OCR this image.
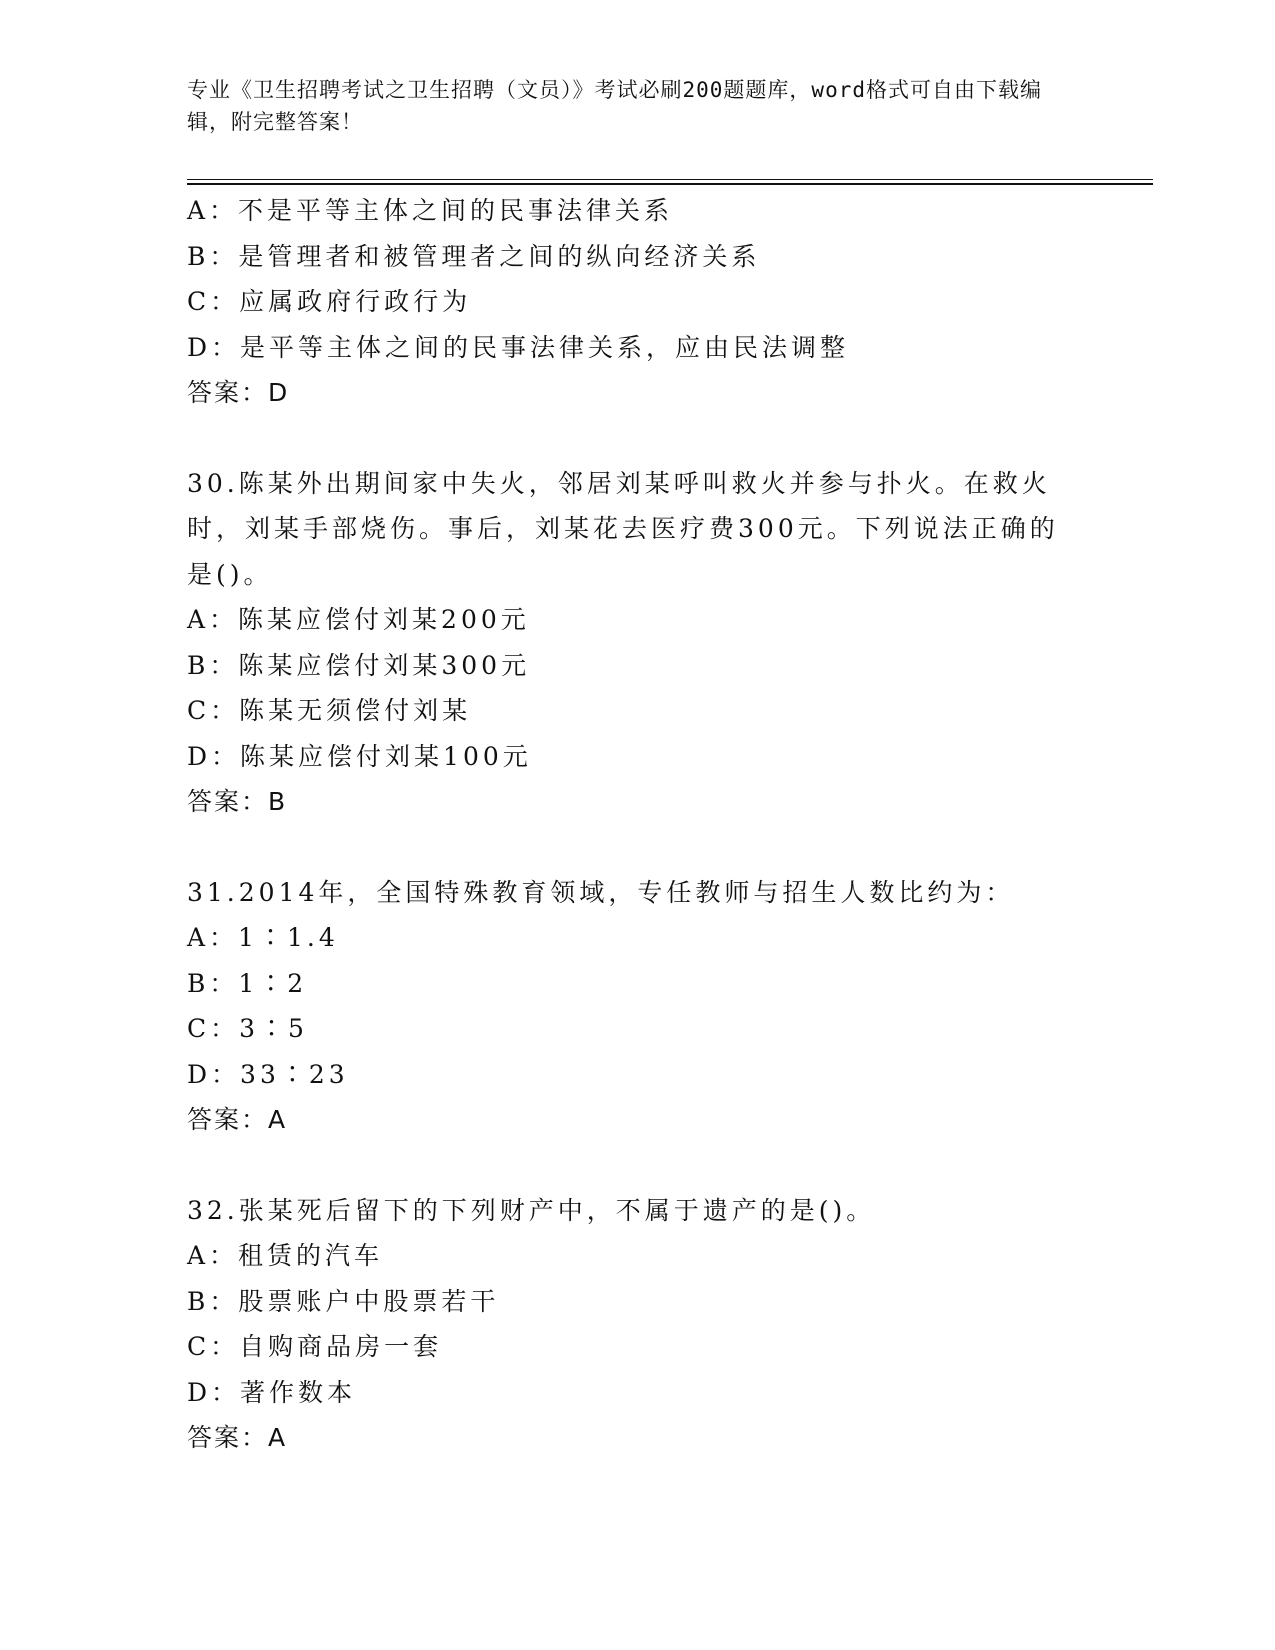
专业《卫生招聘考试之卫生招聘（文员）》考试必刷200题题库，word格式可自由下载编辑，附完整答案！
A：不是平等主体之间的民事法律关系
B：是管理者和被管理者之间的纵向经济关系
C：应属政府行政行为
D：是平等主体之间的民事法律关系，应由民法调整
答案：D
30.陈某外出期间家中失火，邻居刘某呼叫救火并参与扑火。在救火时，刘某手部烧伤。事后，刘某花去医疗费300元。下列说法正确的是()。
A：陈某应偿付刘某200元
B：陈某应偿付刘某300元
C：陈某无须偿付刘某
D：陈某应偿付刘某100元
答案：B
31.2014年，全国特殊教育领域，专任教师与招生人数比约为：
A：1∶1.4
B：1∶2
C：3∶5
D：33∶23
答案：A
32.张某死后留下的下列财产中，不属于遗产的是()。
A：租赁的汽车
B：股票账户中股票若干
C：自购商品房一套
D：著作数本
答案：A
